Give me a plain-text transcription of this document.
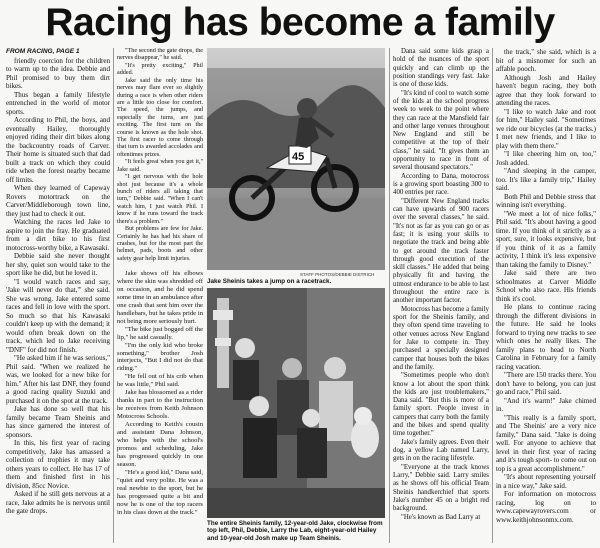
Racing has become a family

FROM RACING, PAGE 1

friendly coercion for the children to warm up to the idea. Debbie and Phil promised to buy them dirt bikes.

Thus began a family lifestyle entrenched in the world of motor sports.

According to Phil, the boys, and eventually Hailey, thoroughly enjoyed riding their dirt bikes along the backcountry roads of Carver. Their home is situated such that dad built a track on which they could ride when the forest nearby became off limits.

When they learned of Capeway Rovers motortrack on the Carver/Middleborough town line, they just had to check it out.

Watching the races led Jake to aspire to join the fray. He graduated from a dirt bike to his first motocross-worthy bike, a Kawasaki.

Debbie said she never thought her shy, quiet son would take to the sport like he did, but he loved it.

"I would watch races and say, 'Jake will never do that,'" she said. She was wrong. Jake entered some races and fell in love with the sport. So much so that his Kawasaki couldn't keep up with the demand; it would often break down on the track, which led to Jake receiving "DNF" for did not finish.

"He asked him if he was serious," Phil said. "When we realized he was, we looked for a new bike for him." After his last DNF, they found a good racing quality Suzuki and purchased it on the spot at the track.

Jake has done so well that his family became Team Sheinis and has since garnered the interest of sponsors.

In this, his first year of racing competitively, Jake has amassed a collection of trophies it may take others years to collect. He has 17 of them and finished first in his division, 85cc Novice.

Asked if he still gets nervous at a race, Jake admits he is nervous until the gate drops.

"The second the gate drops, the nerves disappear," he said.

"It's pretty exciting," Phil added.

Jake said the only time his nerves may flare ever so slightly during a race is when other riders are a little too close for comfort. The speed, the jumps, and especially the turns, are just exciting. The first turn on the course is known as the hole shot. The first racer to come through that turn is awarded accolades and oftentimes prizes.

"It feels great when you get it," Jake said.

"I get nervous with the hole shot just because it's a whole bunch of riders all taking that turn," Debbie said. "When I can't watch him, I just watch Phil. I know if he runs toward the track there's a problem."

But problems are few for Jake. Certainly he has had his share of crashes, but for the most part the helmet, pads, boots and other safety gear help limit injuries.

45
STAFF PHOTOS/DEBBIE DISTRICH
Jake Sheinis takes a jump on a racetrack.

Jake shows off his elbows where the skin was shredded off on occasion, and he did spend some time in an ambulance after one crash that sent him over the handlebars, but he takes pride in not being more seriously hurt.

"The bike just bogged off the lip," he said casually.

"I'm the only kid who broke something," brother Josh interjects, "But I did not do that riding."

"He fell out of his crib when he was little," Phil said.

Jake has blossomed as a rider thanks in part to the instruction he receives from Keith Johnson Motocross Schools.

According to Keith's cousin and assistant Dana Johnson, who helps with the school's promos and scheduling, Jake has progressed quickly in one season.

"He's a good kid," Dana said, "quiet and very polite. He was a real newbie to the sport, but he has progressed quite a bit and now he is one of the top racers in his class down at the track."

The entire Sheinis family, 12-year-old Jake, clockwise from top left, Phil, Debbie, Larry the Lab, eight-year-old Hailey and 10-year-old Josh make up Team Sheinis.

Dana said some kids grasp a hold of the nuances of the sport quickly and can climb up the position standings very fast. Jake is one of those kids.

"It's kind of cool to watch some of the kids at the school progress week to week to the point where they can race at the Mansfield fair and other large venues throughout New England and still be competitive at the top of their class," he said. "It gives them an opportunity to race in front of several thousand spectators."

According to Dana, motocross is a growing sport boasting 300 to 400 entries per race.

"Different New England tracks can have upwards of 900 racers over the several classes," he said. "It's not as far as you can go or as fast; it is using your skills to negotiate the track and being able to get around the track faster through good execution of the skill classes." He added that being physically fit and having the utmost endurance to be able to last throughout the entire race is another important factor.

Motocross has become a family sport for the Sheinis family, and they often spend time traveling to other venues across New England for Jake to compete in. They purchased a specially designed camper that houses both the bikes and the family.

"Sometimes people who don't know a lot about the sport think the kids are just troublemakers," Dana said. "But this is more of a family sport. People invest in campers that carry both the family and the bikes and spend quality time together."

Jake's family agrees. Even their dog, a yellow Lab named Larry, gets in on the racing lifestyle.

"Everyone at the track knows Larry," Debbie said. Larry smiles as he shows off his official Team Sheinis handkerchief that sports Jake's number 45 on a bright red background.

"He's known as Bad Larry at

the track," she said, which is a bit of a misnomer for such an affable pooch.

Although Josh and Hailey haven't begun racing, they both agree that they look forward to attending the races.

"I like to watch Jake and root for him," Hailey said. "Sometimes we ride our bicycles (at the tracks.) I met new friends, and I like to play with them there."

"I like cheering him on, too," Josh added.

"And sleeping in the camper, too. It's like a family trip," Hailey said.

Both Phil and Debbie stress that winning isn't everything.

"We meet a lot of nice folks," Phil said. "It's about having a good time. If you think of it strictly as a sport, sure, it looks expensive, but if you think of it as a family activity, I think it's less expensive than taking the family to Disney."

Jake said there are two schoolmates at Carver Middle School who also race. His friends think it's cool.

He plans to continue racing through the different divisions in the future. He said he looks forward to trying new tracks to see which ones he really likes. The family plans to head to North Carolina in February for a family racing vacation.

"There are 150 tracks there. You don't have to belong, you can just go and race," Phil said.

"And it's warm!" Jake chimed in.

"This really is a family sport, and The Sheinis' are a very nice family," Dana said. "Jake is doing well. For anyone to achieve that level in their first year of racing and it's tough sport- to come out on top is a great accomplishment."

"It's about representing yourself in a nice way," Jake said.

For information on motocross racing, log on to www.capewayrovers.com or www.keithjohnsonmx.com.
